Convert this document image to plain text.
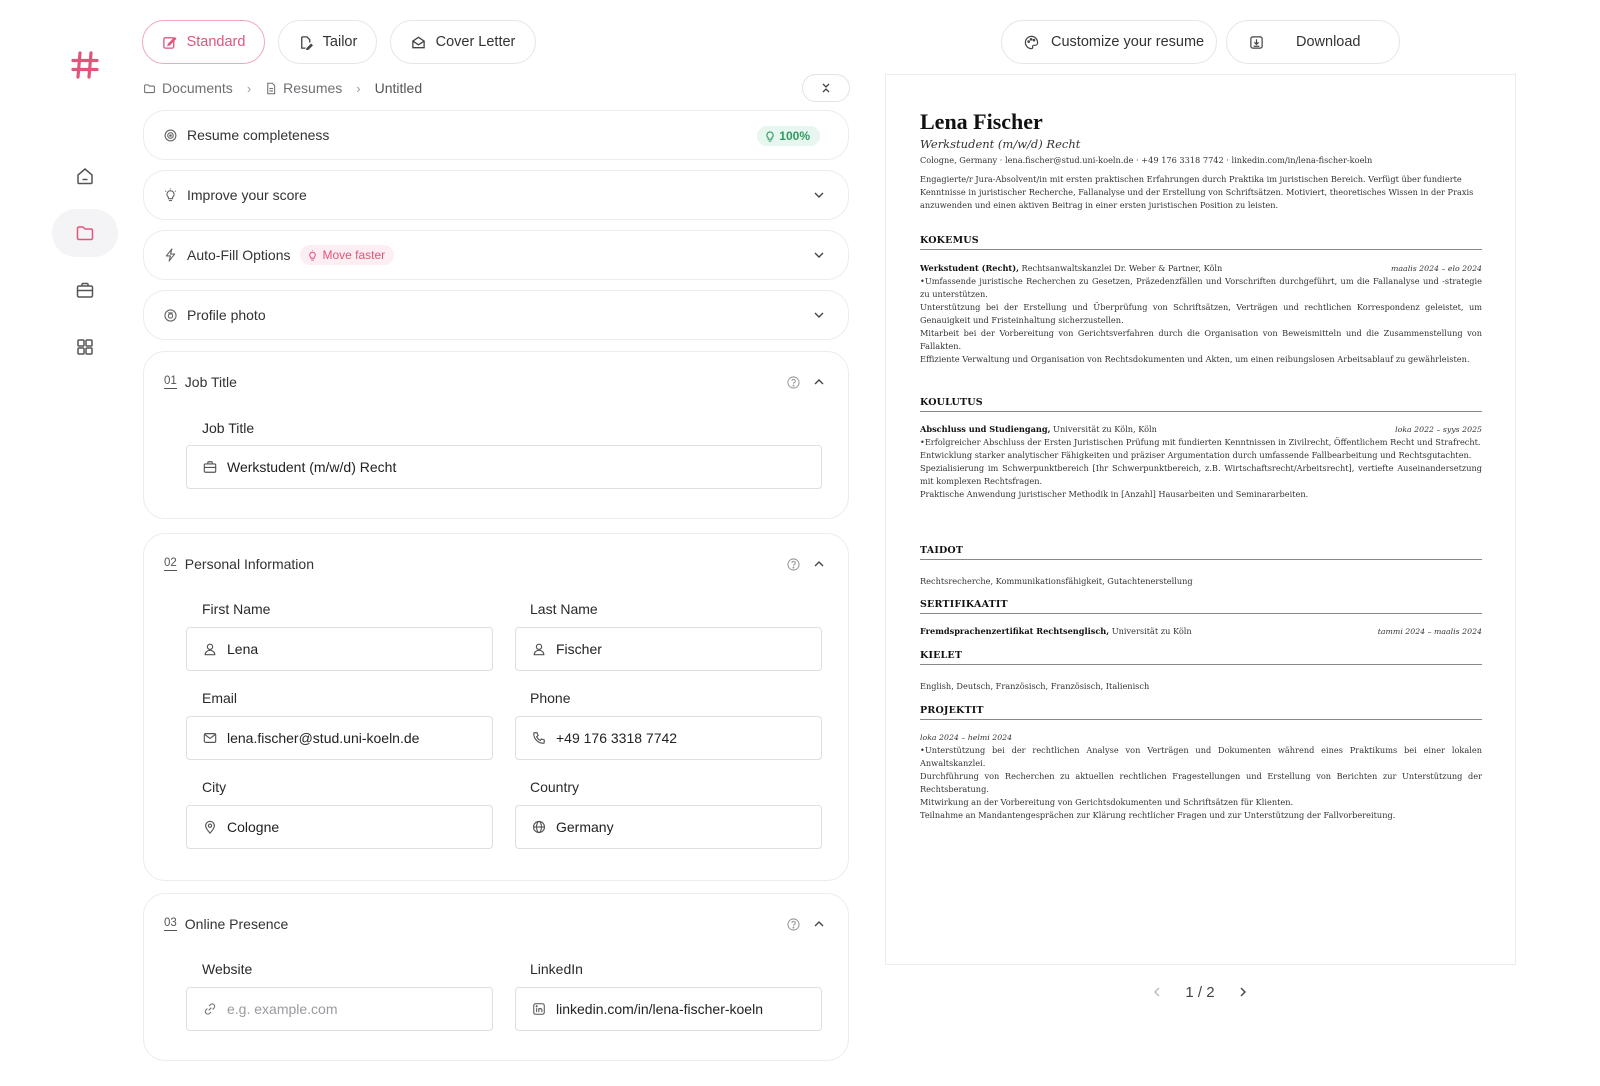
Standard	Tailor	Cover Letter
Documents › Resumes › Untitled
Resume completeness	100%
Improve your score
Auto-Fill Options	Move faster
Profile photo
01 Job Title
Job Title
Werkstudent (m/w/d) Recht
02 Personal Information
First Name
Lena
Last Name
Fischer
Email
lena.fischer@stud.uni-koeln.de
Phone
+49 176 3318 7742
City
Cologne
Country
Germany
03 Online Presence
Website
e.g. example.com
LinkedIn
linkedin.com/in/lena-fischer-koeln
Customize your resume	Download
Lena Fischer
Werkstudent (m/w/d) Recht
Cologne, Germany · lena.fischer@stud.uni-koeln.de · +49 176 3318 7742 · linkedin.com/in/lena-fischer-koeln
Engagierte/r Jura-Absolvent/in mit ersten praktischen Erfahrungen durch Praktika im juristischen Bereich. Verfügt über fundierte Kenntnisse in juristischer Recherche, Fallanalyse und der Erstellung von Schriftsätzen. Motiviert, theoretisches Wissen in der Praxis anzuwenden und einen aktiven Beitrag in einer ersten juristischen Position zu leisten.
KOKEMUS
Werkstudent (Recht), Rechtsanwaltskanzlei Dr. Weber & Partner, Köln	maalis 2024 – elo 2024

•Umfassende juristische Recherchen zu Gesetzen, Präzedenzfällen und Vorschriften durchgeführt, um die Fallanalyse und -strategie zu unterstützen.

Unterstützung bei der Erstellung und Überprüfung von Schriftsätzen, Verträgen und rechtlichen Korrespondenz geleistet, um Genauigkeit und Fristeinhaltung sicherzustellen.

Mitarbeit bei der Vorbereitung von Gerichtsverfahren durch die Organisation von Beweismitteln und die Zusammenstellung von Fallakten.

Effiziente Verwaltung und Organisation von Rechtsdokumenten und Akten, um einen reibungslosen Arbeitsablauf zu gewährleisten.

KOULUTUS
Abschluss und Studiengang, Universität zu Köln, Köln	loka 2022 – syys 2025

•Erfolgreicher Abschluss der Ersten Juristischen Prüfung mit fundierten Kenntnissen in Zivilrecht, Öffentlichem Recht und Strafrecht.

Entwicklung starker analytischer Fähigkeiten und präziser Argumentation durch umfassende Fallbearbeitung und Rechtsgutachten.

Spezialisierung im Schwerpunktbereich [Ihr Schwerpunktbereich, z.B. Wirtschaftsrecht/Arbeitsrecht], vertiefte Auseinandersetzung mit komplexen Rechtsfragen.

Praktische Anwendung juristischer Methodik in [Anzahl] Hausarbeiten und Seminararbeiten.

TAIDOT
Rechtsrecherche, Kommunikationsfähigkeit, Gutachtenerstellung
SERTIFIKAATIT
Fremdsprachenzertifikat Rechtsenglisch, Universität zu Köln	tammi 2024 – maalis 2024
KIELET
English, Deutsch, Französisch, Französisch, Italienisch
PROJEKTIT
loka 2024 – helmi 2024

•Unterstützung bei der rechtlichen Analyse von Verträgen und Dokumenten während eines Praktikums bei einer lokalen Anwaltskanzlei.

Durchführung von Recherchen zu aktuellen rechtlichen Fragestellungen und Erstellung von Berichten zur Unterstützung der Rechtsberatung.

Mitwirkung an der Vorbereitung von Gerichtsdokumenten und Schriftsätzen für Klienten.

Teilnahme an Mandantengesprächen zur Klärung rechtlicher Fragen und zur Unterstützung der Fallvorbereitung.

1 / 2
